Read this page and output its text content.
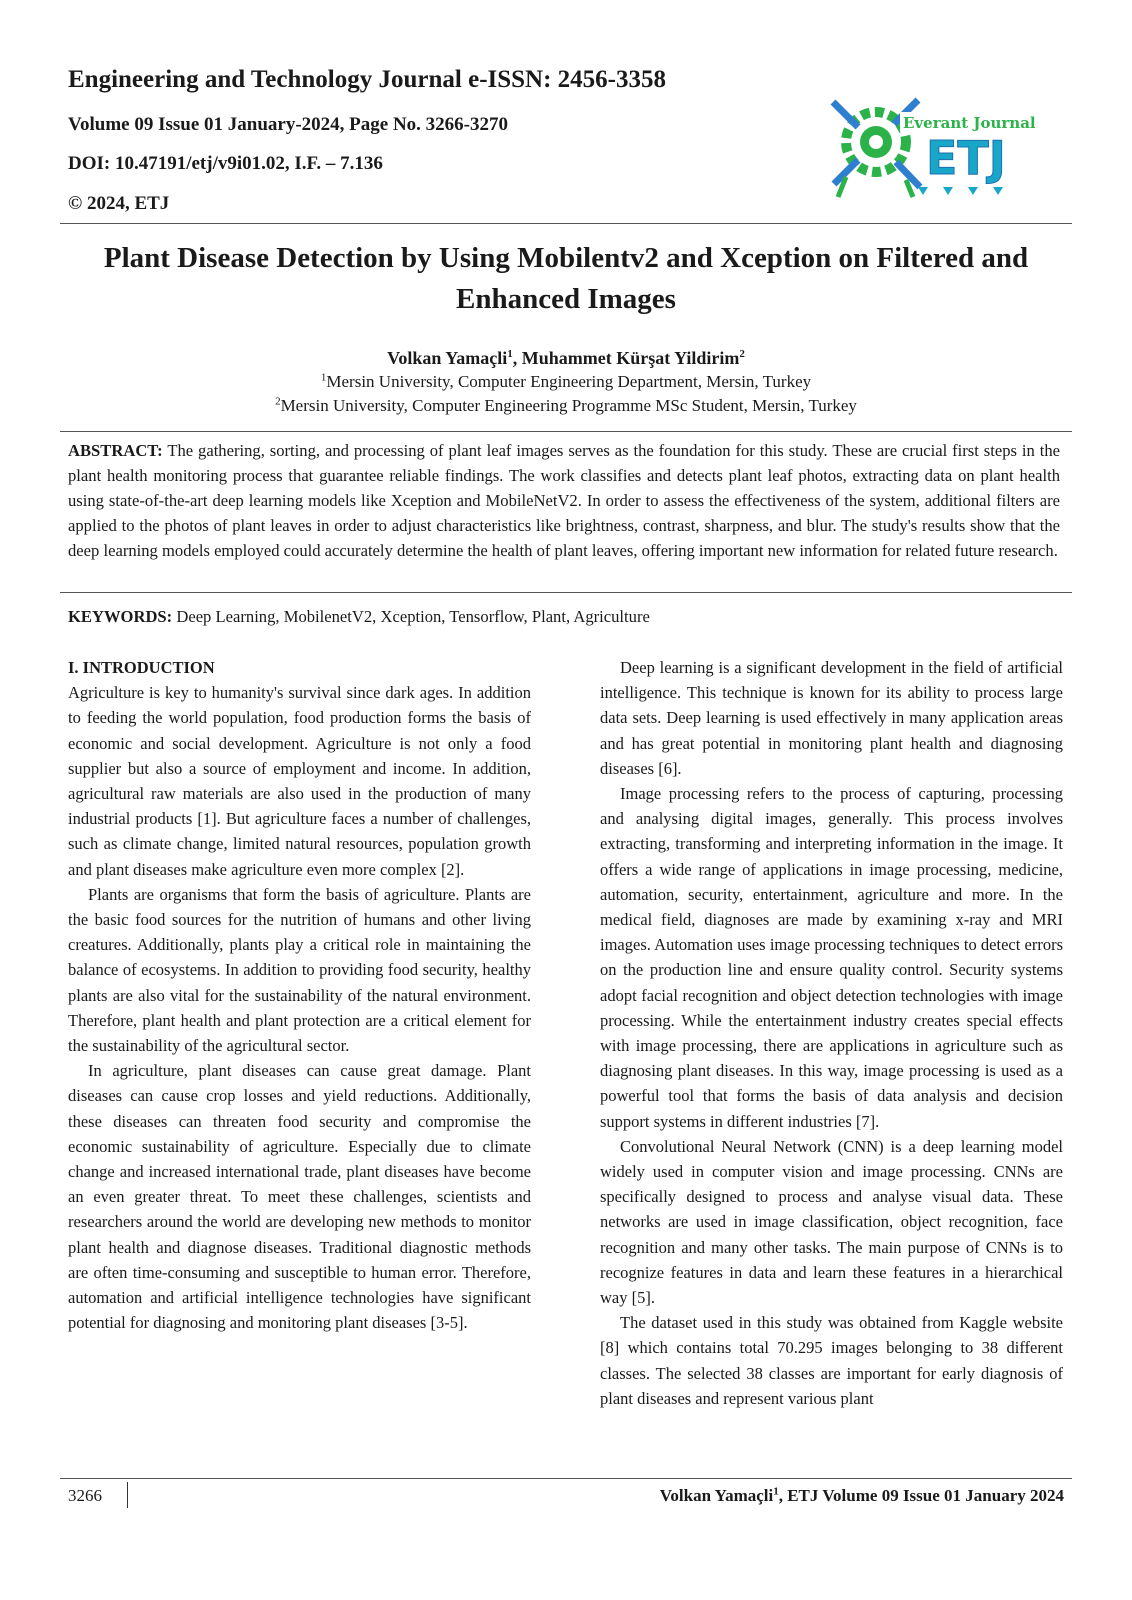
Engineering and Technology Journal e-ISSN: 2456-3358
Volume 09 Issue 01 January-2024, Page No. 3266-3270
DOI: 10.47191/etj/v9i01.02, I.F. – 7.136
© 2024, ETJ
Everant Journal
ETJ
Plant Disease Detection by Using Mobilentv2 and Xception on Filtered and
Enhanced Images
Volkan Yamaçli$^1$, Muhammet Kürşat Yildirim$^2$
$^1$Mersin University, Computer Engineering Department, Mersin, Turkey
$^2$Mersin University, Computer Engineering Programme MSc Student, Mersin, Turkey
ABSTRACT: The gathering, sorting, and processing of plant leaf images serves as the foundation for this study. These are crucial first steps in the plant health monitoring process that guarantee reliable findings. The work classifies and detects plant leaf photos, extracting data on plant health using state-of-the-art deep learning models like Xception and MobileNetV2. In order to assess the effectiveness of the system, additional filters are applied to the photos of plant leaves in order to adjust characteristics like brightness, contrast, sharpness, and blur. The study's results show that the deep learning models employed could accurately determine the health of plant leaves, offering important new information for related future research.
KEYWORDS: Deep Learning, MobilenetV2, Xception, Tensorflow, Plant, Agriculture

I. INTRODUCTION

Agriculture is key to humanity's survival since dark ages. In addition to feeding the world population, food production forms the basis of economic and social development. Agriculture is not only a food supplier but also a source of employment and income. In addition, agricultural raw materials are also used in the production of many industrial products [1]. But agriculture faces a number of challenges, such as climate change, limited natural resources, population growth and plant diseases make agriculture even more complex [2].

Plants are organisms that form the basis of agriculture. Plants are the basic food sources for the nutrition of humans and other living creatures. Additionally, plants play a critical role in maintaining the balance of ecosystems. In addition to providing food security, healthy plants are also vital for the sustainability of the natural environment. Therefore, plant health and plant protection are a critical element for the sustainability of the agricultural sector.

In agriculture, plant diseases can cause great damage. Plant diseases can cause crop losses and yield reductions. Additionally, these diseases can threaten food security and compromise the economic sustainability of agriculture. Especially due to climate change and increased international trade, plant diseases have become an even greater threat. To meet these challenges, scientists and researchers around the world are developing new methods to monitor plant health and diagnose diseases. Traditional diagnostic methods are often time-consuming and susceptible to human error. Therefore, automation and artificial intelligence technologies have significant potential for diagnosing and monitoring plant diseases [3-5].

Deep learning is a significant development in the field of artificial intelligence. This technique is known for its ability to process large data sets. Deep learning is used effectively in many application areas and has great potential in monitoring plant health and diagnosing diseases [6].

Image processing refers to the process of capturing, processing and analysing digital images, generally. This process involves extracting, transforming and interpreting information in the image. It offers a wide range of applications in image processing, medicine, automation, security, entertainment, agriculture and more. In the medical field, diagnoses are made by examining x-ray and MRI images. Automation uses image processing techniques to detect errors on the production line and ensure quality control. Security systems adopt facial recognition and object detection technologies with image processing. While the entertainment industry creates special effects with image processing, there are applications in agriculture such as diagnosing plant diseases. In this way, image processing is used as a powerful tool that forms the basis of data analysis and decision support systems in different industries [7].

Convolutional Neural Network (CNN) is a deep learning model widely used in computer vision and image processing. CNNs are specifically designed to process and analyse visual data. These networks are used in image classification, object recognition, face recognition and many other tasks. The main purpose of CNNs is to recognize features in data and learn these features in a hierarchical way [5].

The dataset used in this study was obtained from Kaggle website [8] which contains total 70.295 images belonging to 38 different classes. The selected 38 classes are important for early diagnosis of plant diseases and represent various plant

3266	Volkan Yamaçli$^1$, ETJ Volume 09 Issue 01 January 2024
